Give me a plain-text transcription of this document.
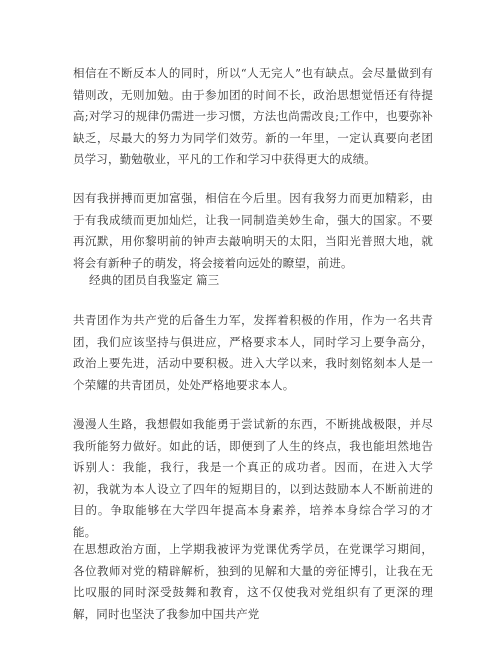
相信在不断反本人的同时，所以“人无完人”也有缺点。会尽量做到有错则改，无则加勉。由于参加团的时间不长，政治思想觉悟还有待提高;对学习的规律仍需进一步习惯，方法也尚需改良;工作中，也要弥补缺乏，尽最大的努力为同学们效劳。新的一年里，一定认真要向老团员学习，勤勉敬业，平凡的工作和学习中获得更大的成绩。

因有我拼搏而更加富强，相信在今后里。因有我努力而更加精彩，由于有我成绩而更加灿烂，让我一同制造美妙生命，强大的国家。不要再沉默，用你黎明前的钟声去敲响明天的太阳，当阳光普照大地，就将会有新种子的萌发，将会接着向远处的瞭望，前进。

经典的团员自我鉴定 篇三

共青团作为共产党的后备生力军，发挥着积极的作用，作为一名共青团，我们应该坚持与俱进应，严格要求本人，同时学习上要争高分，政治上要先进，活动中要积极。进入大学以来，我时刻铭刻本人是一个荣耀的共青团员，处处严格地要求本人。

漫漫人生路，我想假如我能勇于尝试新的东西，不断挑战极限，并尽我所能努力做好。如此的话，即便到了人生的终点，我也能坦然地告诉别人：我能，我行，我是一个真正的成功者。因而，在进入大学初，我就为本人设立了四年的短期目的，以到达鼓励本人不断前进的目的。争取能够在大学四年提高本身素养，培养本身综合学习的才能。

在思想政治方面，上学期我被评为党课优秀学员，在党课学习期间，各位教师对党的精辟解析，独到的见解和大量的旁征博引，让我在无比叹服的同时深受鼓舞和教育，这不仅使我对党组织有了更深的理解，同时也坚決了我参加中国共产党
